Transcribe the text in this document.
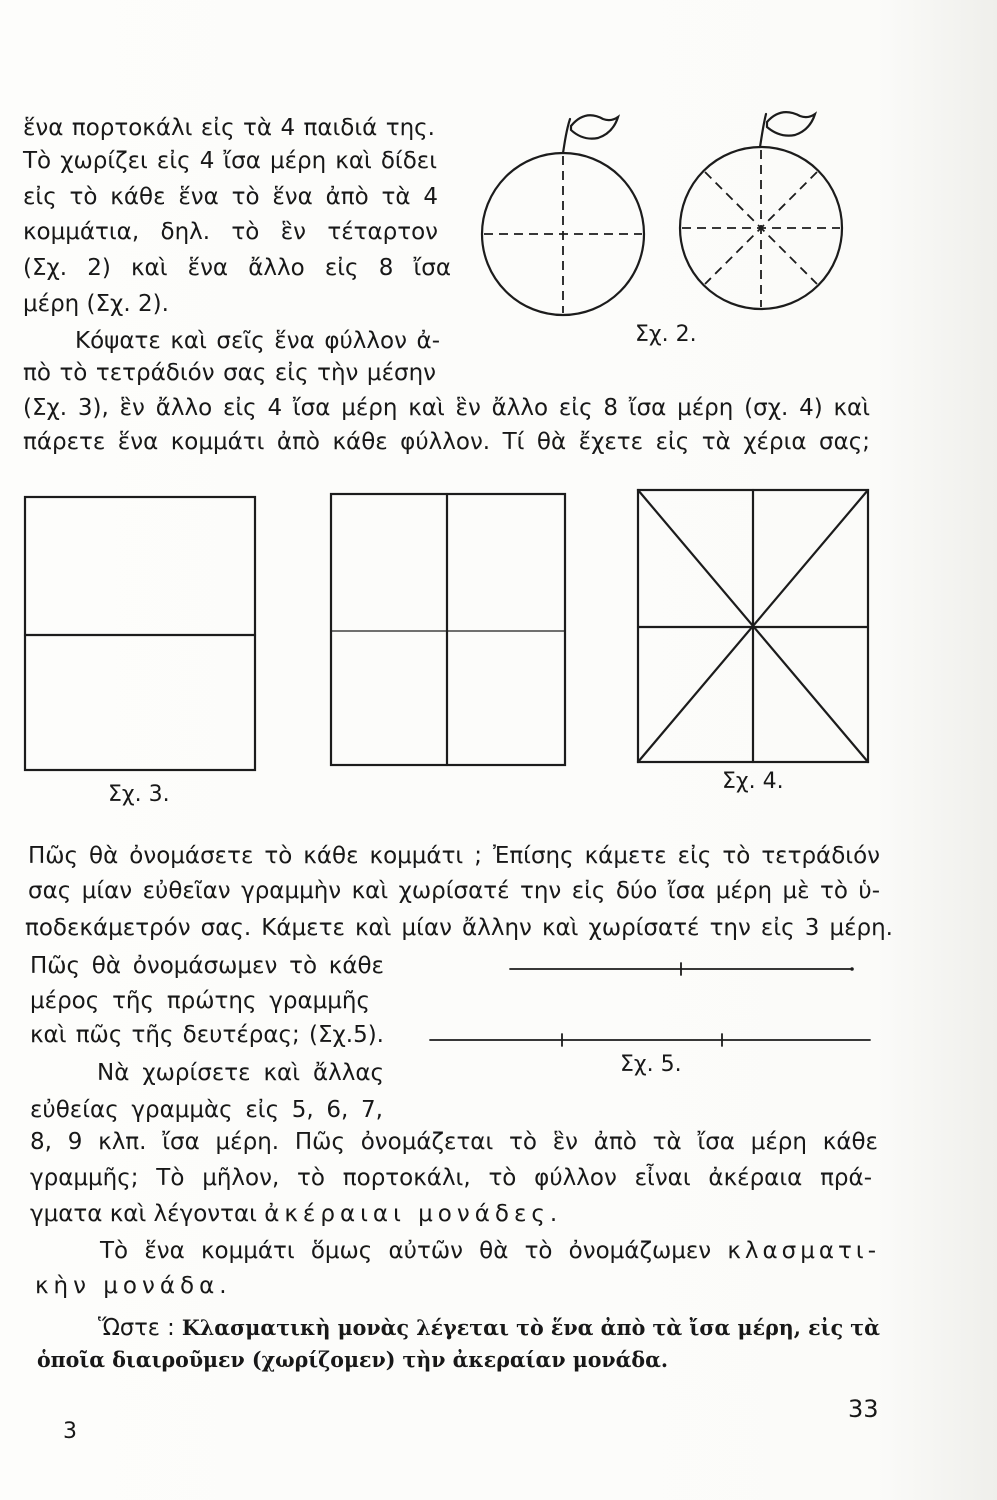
ἕνα πορτοκάλι εἰς τὰ 4 παιδιά της.
Τὸ χωρίζει εἰς 4 ἴσα μέρη καὶ δίδει
εἰς τὸ κάθε ἕνα τὸ ἕνα ἀπὸ τὰ 4
κομμάτια, δηλ. τὸ ἓν τέταρτον
(Σχ. 2) καὶ ἕνα ἄλλο εἰς 8 ἴσα
μέρη (Σχ. 2).
Σχ. 2.
Κόψατε καὶ σεῖς ἕνα φύλλον ἀ-
πὸ τὸ τετράδιόν σας εἰς τὴν μέσην
(Σχ. 3), ἓν ἄλλο εἰς 4 ἴσα μέρη καὶ ἓν ἄλλο εἰς 8 ἴσα μέρη (σχ. 4) καὶ
πάρετε ἕνα κομμάτι ἀπὸ κάθε φύλλον. Τί θὰ ἔχετε εἰς τὰ χέρια σας;
Σχ. 3.
Σχ. 4.
Πῶς θὰ ὀνομάσετε τὸ κάθε κομμάτι ; Ἐπίσης κάμετε εἰς τὸ τετράδιόν
σας μίαν εὐθεῖαν γραμμὴν καὶ χωρίσατέ την εἰς δύο ἴσα μέρη μὲ τὸ ὑ-
ποδεκάμετρόν σας. Κάμετε καὶ μίαν ἄλλην καὶ χωρίσατέ την εἰς 3 μέρη.
Πῶς θὰ ὀνομάσωμεν τὸ κάθε
μέρος τῆς πρώτης γραμμῆς
καὶ πῶς τῆς δευτέρας; (Σχ.5).
Σχ. 5.
Νὰ χωρίσετε καὶ ἄλλας
εὐθείας γραμμὰς εἰς 5, 6, 7,
8, 9 κλπ. ἴσα μέρη. Πῶς ὀνομάζεται τὸ ἓν ἀπὸ τὰ ἴσα μέρη κάθε
γραμμῆς; Τὸ μῆλον, τὸ πορτοκάλι, τὸ φύλλον εἶναι ἀκέραια πρά-
γματα καὶ λέγονται ἀκέραιαι μονάδες.
Τὸ ἕνα κομμάτι ὅμως αὐτῶν θὰ τὸ ὀνομάζωμεν κλασματι-
κὴν μονάδα.
Ὥστε : Κλασματικὴ μονὰς λέγεται τὸ ἕνα ἀπὸ τὰ ἴσα μέρη, εἰς τὰ
ὁποῖα διαιροῦμεν (χωρίζομεν) τὴν ἀκεραίαν μονάδα.
33
3
